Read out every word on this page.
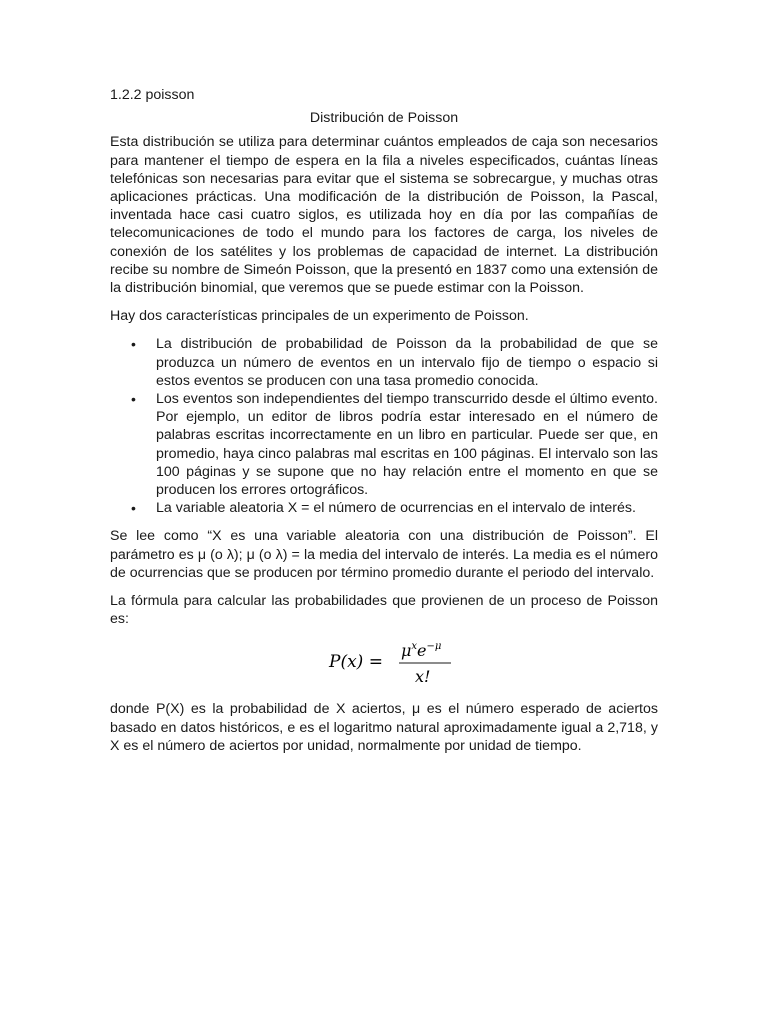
1.2.2 poisson

Distribución de Poisson

Esta distribución se utiliza para determinar cuántos empleados de caja son necesarios para mantener el tiempo de espera en la fila a niveles especificados, cuántas líneas telefónicas son necesarias para evitar que el sistema se sobrecargue, y muchas otras aplicaciones prácticas. Una modificación de la distribución de Poisson, la Pascal, inventada hace casi cuatro siglos, es utilizada hoy en día por las compañías de telecomunicaciones de todo el mundo para los factores de carga, los niveles de conexión de los satélites y los problemas de capacidad de internet. La distribución recibe su nombre de Simeón Poisson, que la presentó en 1837 como una extensión de la distribución binomial, que veremos que se puede estimar con la Poisson.

Hay dos características principales de un experimento de Poisson.

• La distribución de probabilidad de Poisson da la probabilidad de que se produzca un número de eventos en un intervalo fijo de tiempo o espacio si estos eventos se producen con una tasa promedio conocida.
• Los eventos son independientes del tiempo transcurrido desde el último evento. Por ejemplo, un editor de libros podría estar interesado en el número de palabras escritas incorrectamente en un libro en particular. Puede ser que, en promedio, haya cinco palabras mal escritas en 100 páginas. El intervalo son las 100 páginas y se supone que no hay relación entre el momento en que se producen los errores ortográficos.
• La variable aleatoria X = el número de ocurrencias en el intervalo de interés.

Se lee como “X es una variable aleatoria con una distribución de Poisson”. El parámetro es μ (o λ); μ (o λ) = la media del intervalo de interés. La media es el número de ocurrencias que se producen por término promedio durante el periodo del intervalo.

La fórmula para calcular las probabilidades que provienen de un proceso de Poisson es:

P(x) =
$\mu^xe^{-\mu}$
x!

donde P(X) es la probabilidad de X aciertos, μ es el número esperado de aciertos basado en datos históricos, e es el logaritmo natural aproximadamente igual a 2,718, y X es el número de aciertos por unidad, normalmente por unidad de tiempo.
